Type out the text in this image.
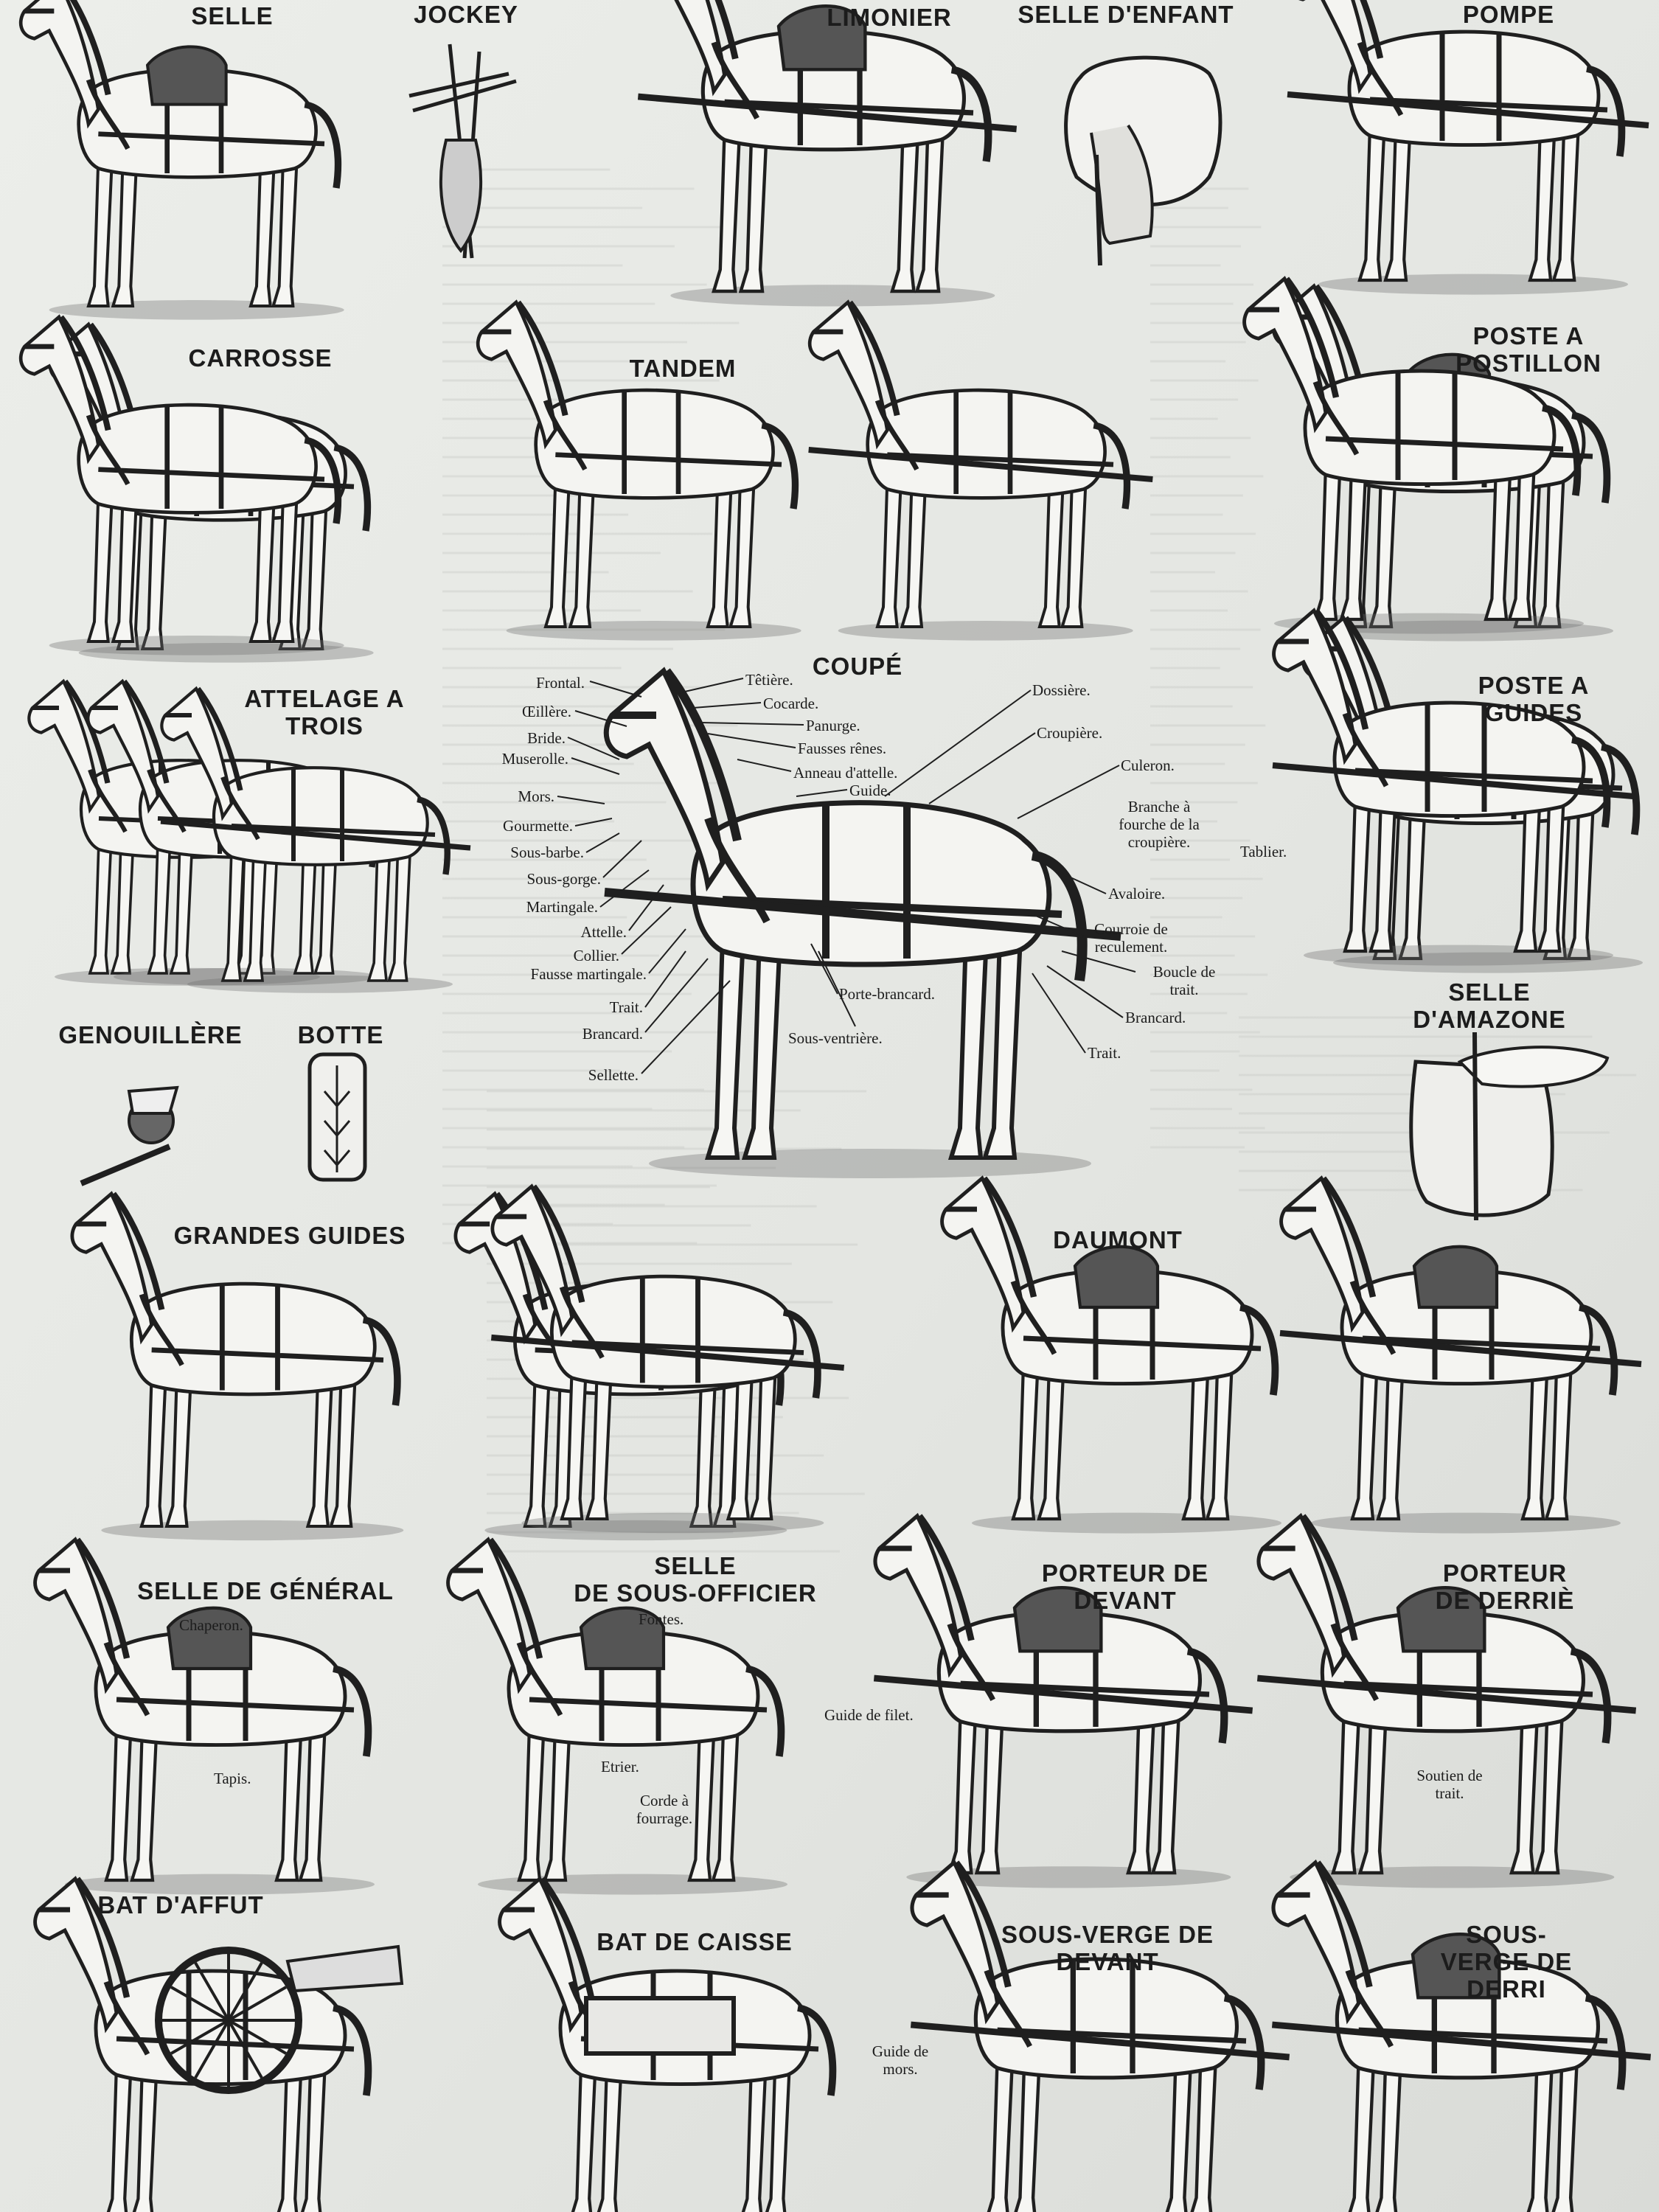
SELLE	JOCKEY	LIMONIER	SELLE D'ENFANT	POMPE
CARROSSE	TANDEM
POSTE A POSTILLON
ATTELAGE A
TROIS
COUPÉ
POSTE A GUIDES
SELLE D'AMAZONE
GENOUILLÈRE BOTTE
GRANDES GUIDES	DAUMONT
SELLE DE GÉNÉRAL
SELLE
DE SOUS-OFFICIER
PORTEUR DE
DEVANT
PORTEUR DE DERRIÈ
BAT D'AFFUT
BAT DE CAISSE	SOUS-VERGE DE
DEVANT
SOUS-VERGE DE DERRI
Frontal.
Œillère.
Bride.
Muserolle.
Mors.
Gourmette.
Sous-barbe.
Sous-gorge.
Martingale.
Attelle.
Collier.
Fausse martingale.
Trait.
Brancard.
Sellette.
Têtière.
Cocarde.
Panurge.
Fausses rênes.
Anneau d'attelle.
Guide.
Dossière.
Croupière.
Culeron.
Branche à
fourche de la
croupière.
Avaloire.
Courroie de
reculement.
Boucle de
trait.
Brancard.
Trait.
Porte-brancard.
Sous-ventrière.
Tablier.
Chaperon.
Tapis.
Fontes.
Etrier.
Corde à
fourrage.
Guide de filet.
Soutien de
trait.
Guide de
mors.
